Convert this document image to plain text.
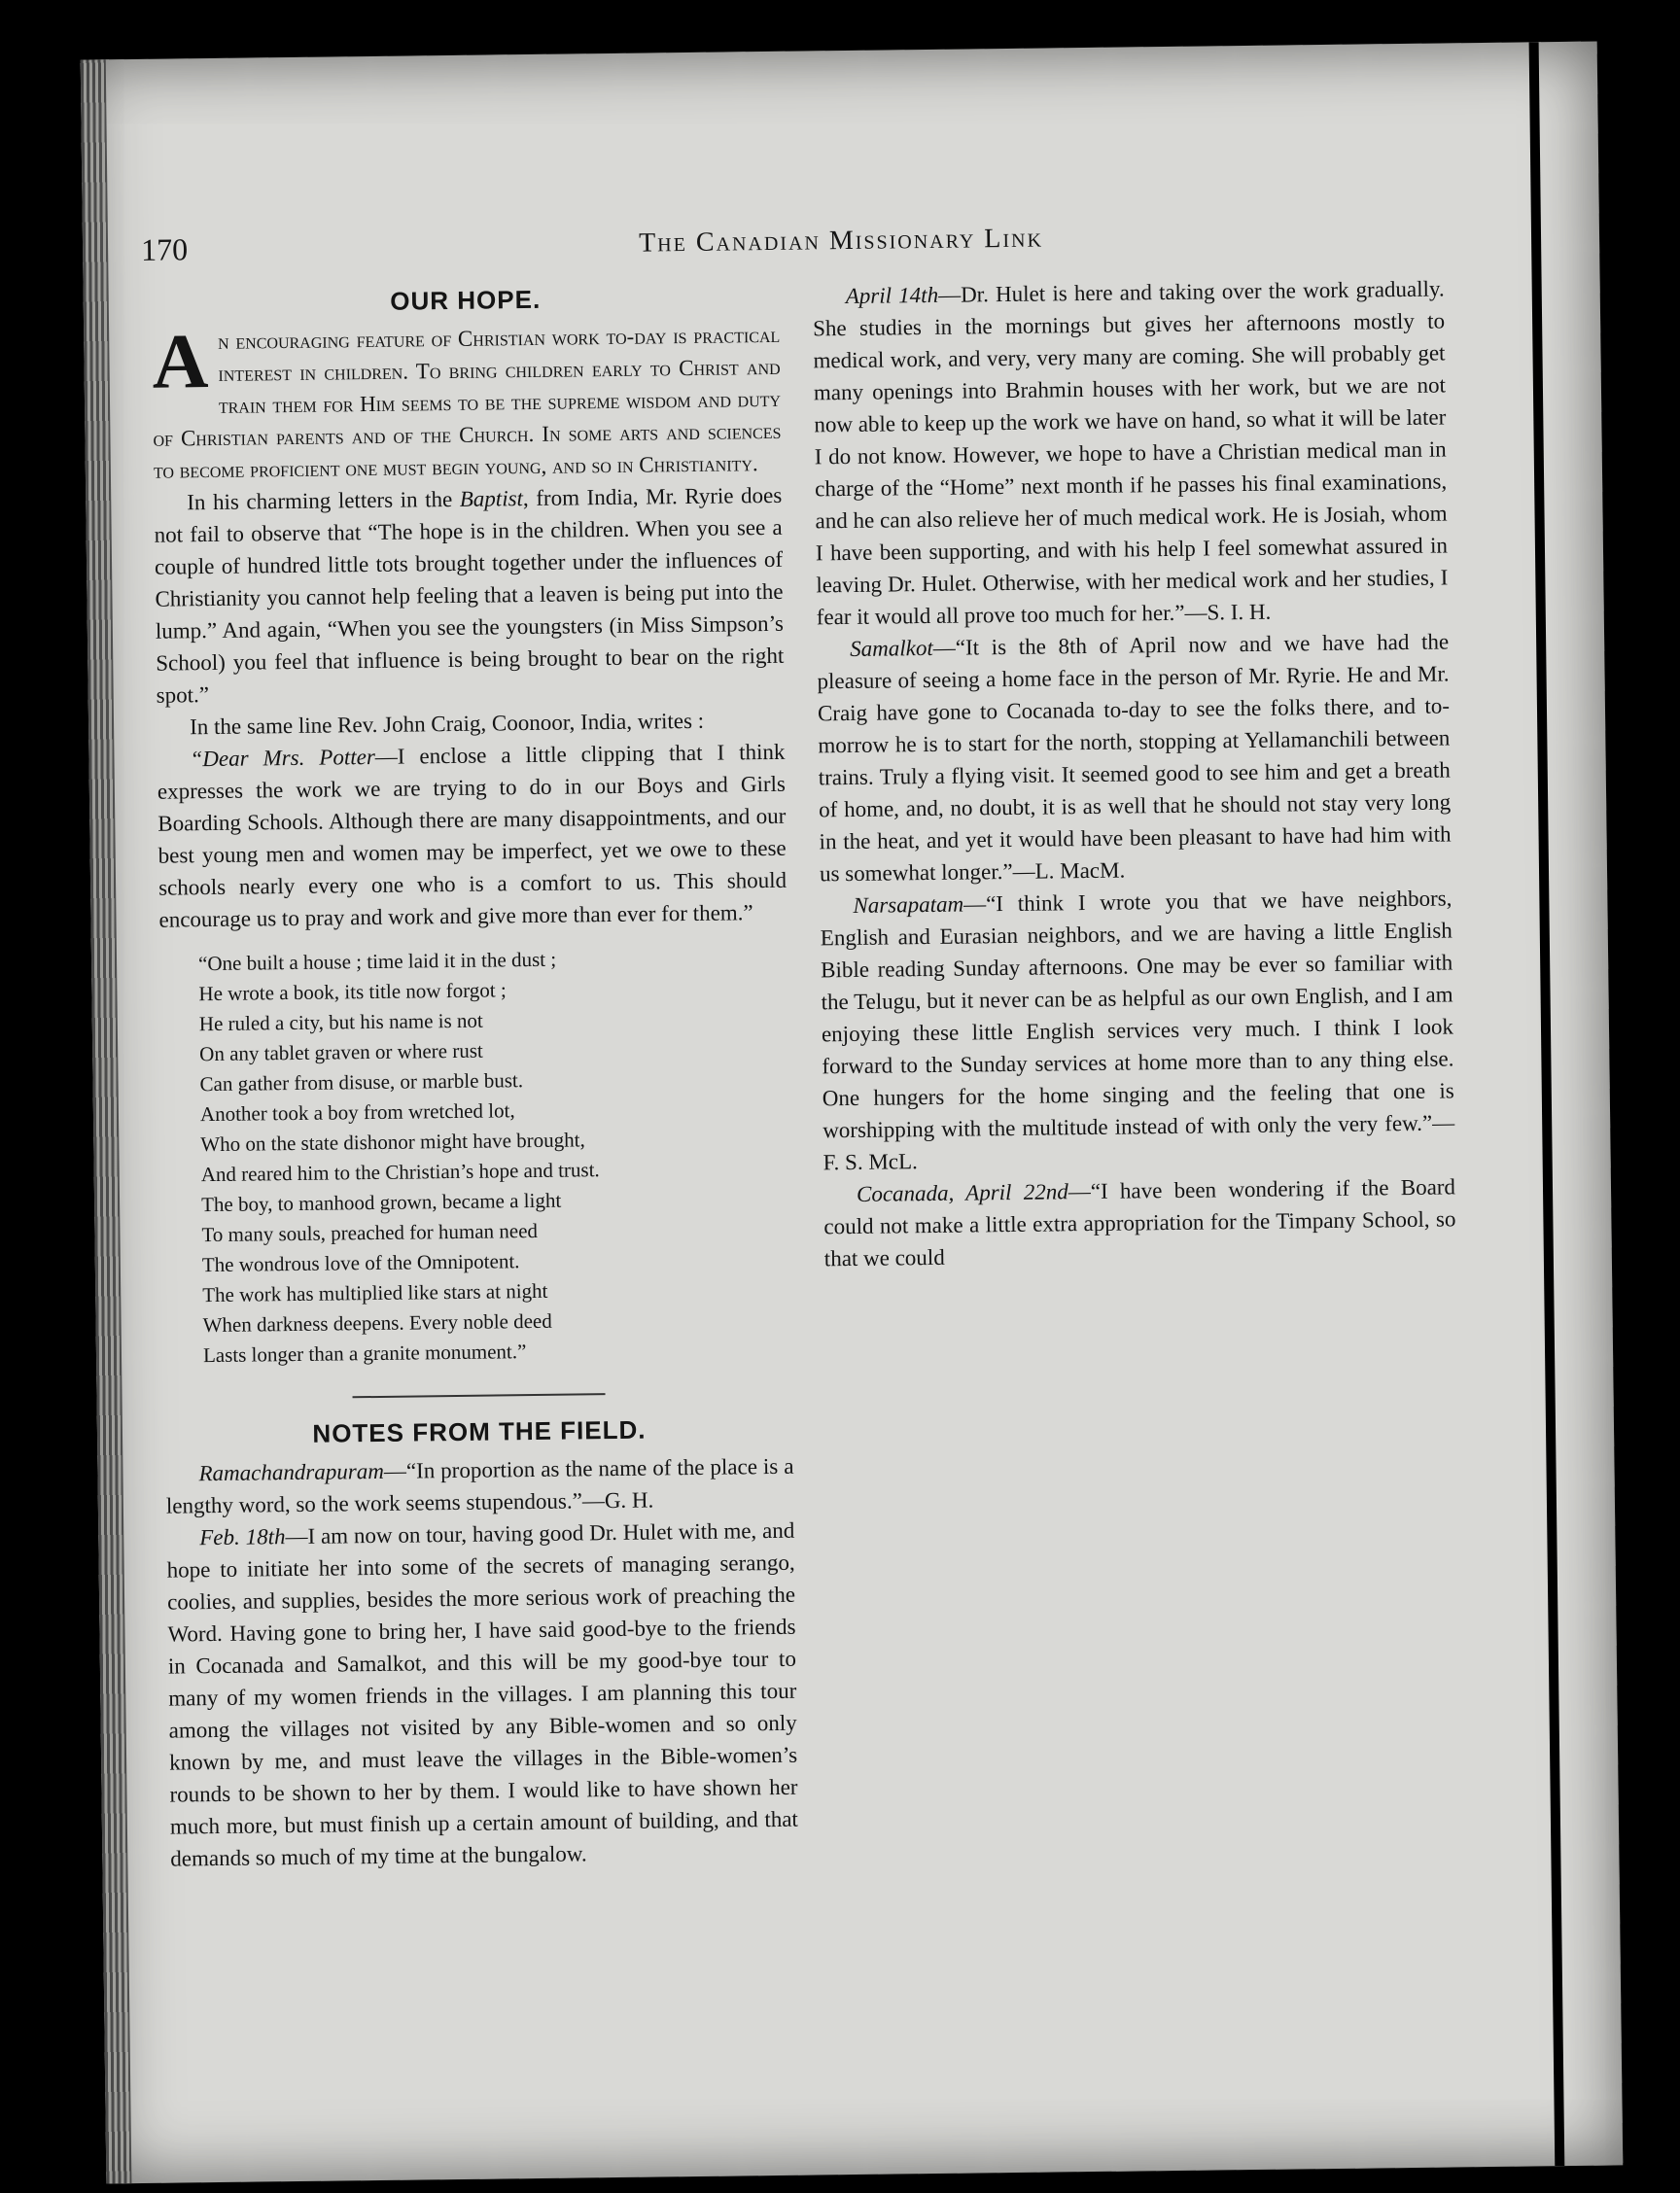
170	The Canadian Missionary Link
OUR HOPE.

An encouraging feature of Christian work to-day is practical interest in children. To bring children early to Christ and train them for Him seems to be the supreme wisdom and duty of Christian parents and of the Church. In some arts and sciences to become proficient one must begin young, and so in Christianity.

In his charming letters in the Baptist, from India, Mr. Ryrie does not fail to observe that “The hope is in the children. When you see a couple of hundred little tots brought together under the influences of Christianity you cannot help feeling that a leaven is being put into the lump.” And again, “When you see the youngsters (in Miss Simpson’s School) you feel that influence is being brought to bear on the right spot.”

In the same line Rev. John Craig, Coonoor, India, writes :

“Dear Mrs. Potter—I enclose a little clipping that I think expresses the work we are trying to do in our Boys and Girls Boarding Schools. Although there are many disappointments, and our best young men and women may be imperfect, yet we owe to these schools nearly every one who is a comfort to us. This should encourage us to pray and work and give more than ever for them.”

“One built a house ; time laid it in the dust ;
He wrote a book, its title now forgot ;
He ruled a city, but his name is not
On any tablet graven or where rust
Can gather from disuse, or marble bust.
Another took a boy from wretched lot,
Who on the state dishonor might have brought,
And reared him to the Christian’s hope and trust.
The boy, to manhood grown, became a light
To many souls, preached for human need
The wondrous love of the Omnipotent.
The work has multiplied like stars at night
When darkness deepens. Every noble deed
Lasts longer than a granite monument.”
NOTES FROM THE FIELD.

Ramachandrapuram—“In proportion as the name of the place is a lengthy word, so the work seems stupendous.”—G. H.

Feb. 18th—I am now on tour, having good Dr. Hulet with me, and hope to initiate her into some of the secrets of managing serango, coolies, and supplies, besides the more serious work of preaching the Word. Having gone to bring her, I have said good-bye to the friends in Cocanada and Samalkot, and this will be my good-bye tour to many of my women friends in the villages. I am planning this tour among the villages not visited by any Bible-women and so only known by me, and must leave the villages in the Bible-women’s rounds to be shown to her by them. I would like to have shown her much more, but must finish up a certain amount of building, and that demands so much of my time at the bungalow.

April 14th—Dr. Hulet is here and taking over the work gradually. She studies in the mornings but gives her afternoons mostly to medical work, and very, very many are coming. She will probably get many openings into Brahmin houses with her work, but we are not now able to keep up the work we have on hand, so what it will be later I do not know. However, we hope to have a Christian medical man in charge of the “Home” next month if he passes his final examinations, and he can also relieve her of much medical work. He is Josiah, whom I have been supporting, and with his help I feel somewhat assured in leaving Dr. Hulet. Otherwise, with her medical work and her studies, I fear it would all prove too much for her.”—S. I. H.

Samalkot—“It is the 8th of April now and we have had the pleasure of seeing a home face in the person of Mr. Ryrie. He and Mr. Craig have gone to Cocanada to-day to see the folks there, and to-morrow he is to start for the north, stopping at Yellamanchili between trains. Truly a flying visit. It seemed good to see him and get a breath of home, and, no doubt, it is as well that he should not stay very long in the heat, and yet it would have been pleasant to have had him with us somewhat longer.”—L. MacM.

Narsapatam—“I think I wrote you that we have neighbors, English and Eurasian neighbors, and we are having a little English Bible reading Sunday afternoons. One may be ever so familiar with the Telugu, but it never can be as helpful as our own English, and I am enjoying these little English services very much. I think I look forward to the Sunday services at home more than to any thing else. One hungers for the home singing and the feeling that one is worshipping with the multitude instead of with only the very few.”—F. S. McL.

Cocanada, April 22nd—“I have been wondering if the Board could not make a little extra appropriation for the Timpany School, so that we could
